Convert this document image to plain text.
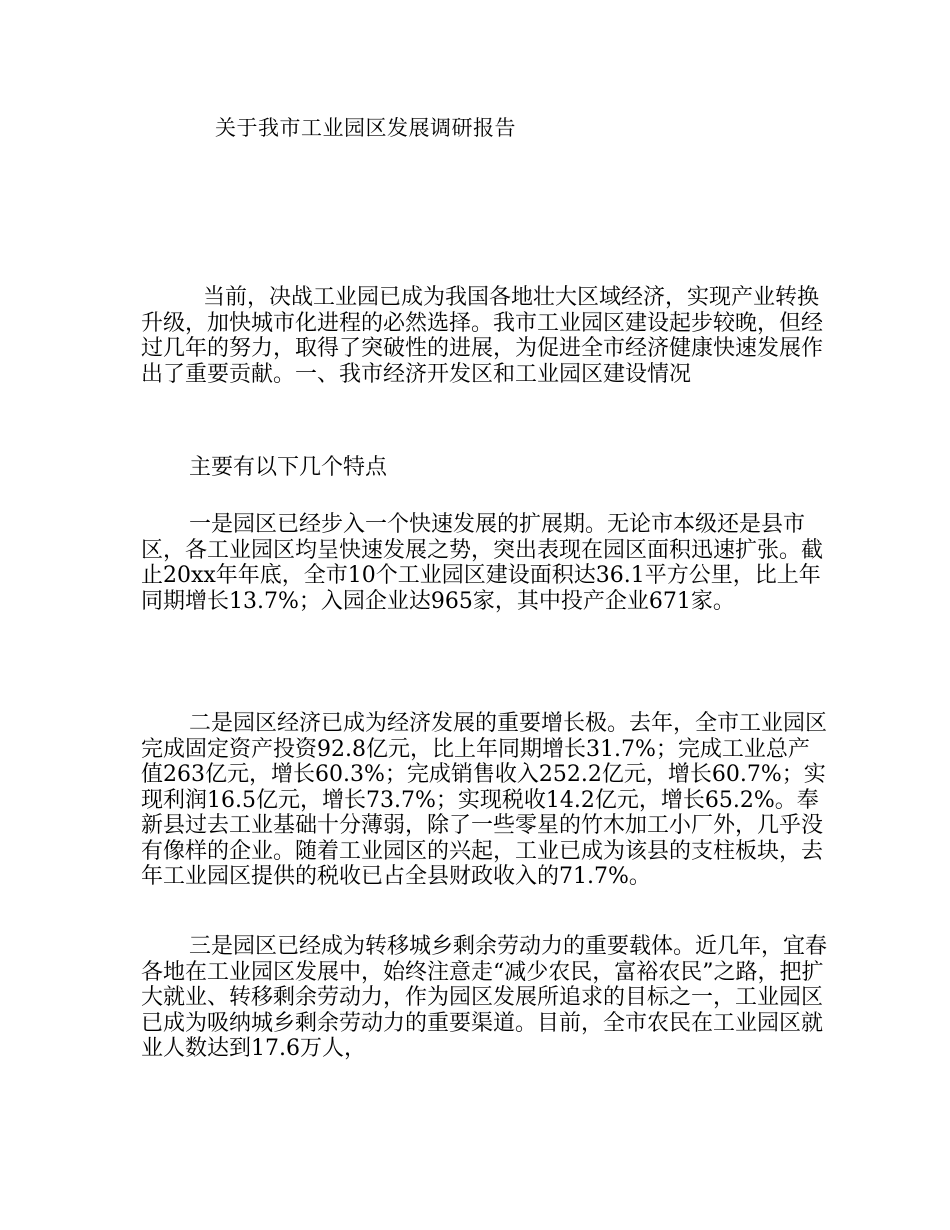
关于我市工业园区发展调研报告

当前，决战工业园已成为我国各地壮大区域经济，实现产业转换升级，加快城市化进程的必然选择。我市工业园区建设起步较晚，但经过几年的努力，取得了突破性的进展，为促进全市经济健康快速发展作出了重要贡献。一、我市经济开发区和工业园区建设情况

主要有以下几个特点

一是园区已经步入一个快速发展的扩展期。无论市本级还是县市区，各工业园区均呈快速发展之势，突出表现在园区面积迅速扩张。截止20xx年年底，全市10个工业园区建设面积达36.1平方公里，比上年同期增长13.7%；入园企业达965家，其中投产企业671家。

二是园区经济已成为经济发展的重要增长极。去年，全市工业园区完成固定资产投资92.8亿元，比上年同期增长31.7%；完成工业总产值263亿元，增长60.3%；完成销售收入252.2亿元，增长60.7%；实现利润16.5亿元，增长73.7%；实现税收14.2亿元，增长65.2%。奉新县过去工业基础十分薄弱，除了一些零星的竹木加工小厂外，几乎没有像样的企业。随着工业园区的兴起，工业已成为该县的支柱板块，去年工业园区提供的税收已占全县财政收入的71.7%。

三是园区已经成为转移城乡剩余劳动力的重要载体。近几年，宜春各地在工业园区发展中，始终注意走“减少农民，富裕农民”之路，把扩大就业、转移剩余劳动力，作为园区发展所追求的目标之一，工业园区已成为吸纳城乡剩余劳动力的重要渠道。目前，全市农民在工业园区就业人数达到17.6万人，
